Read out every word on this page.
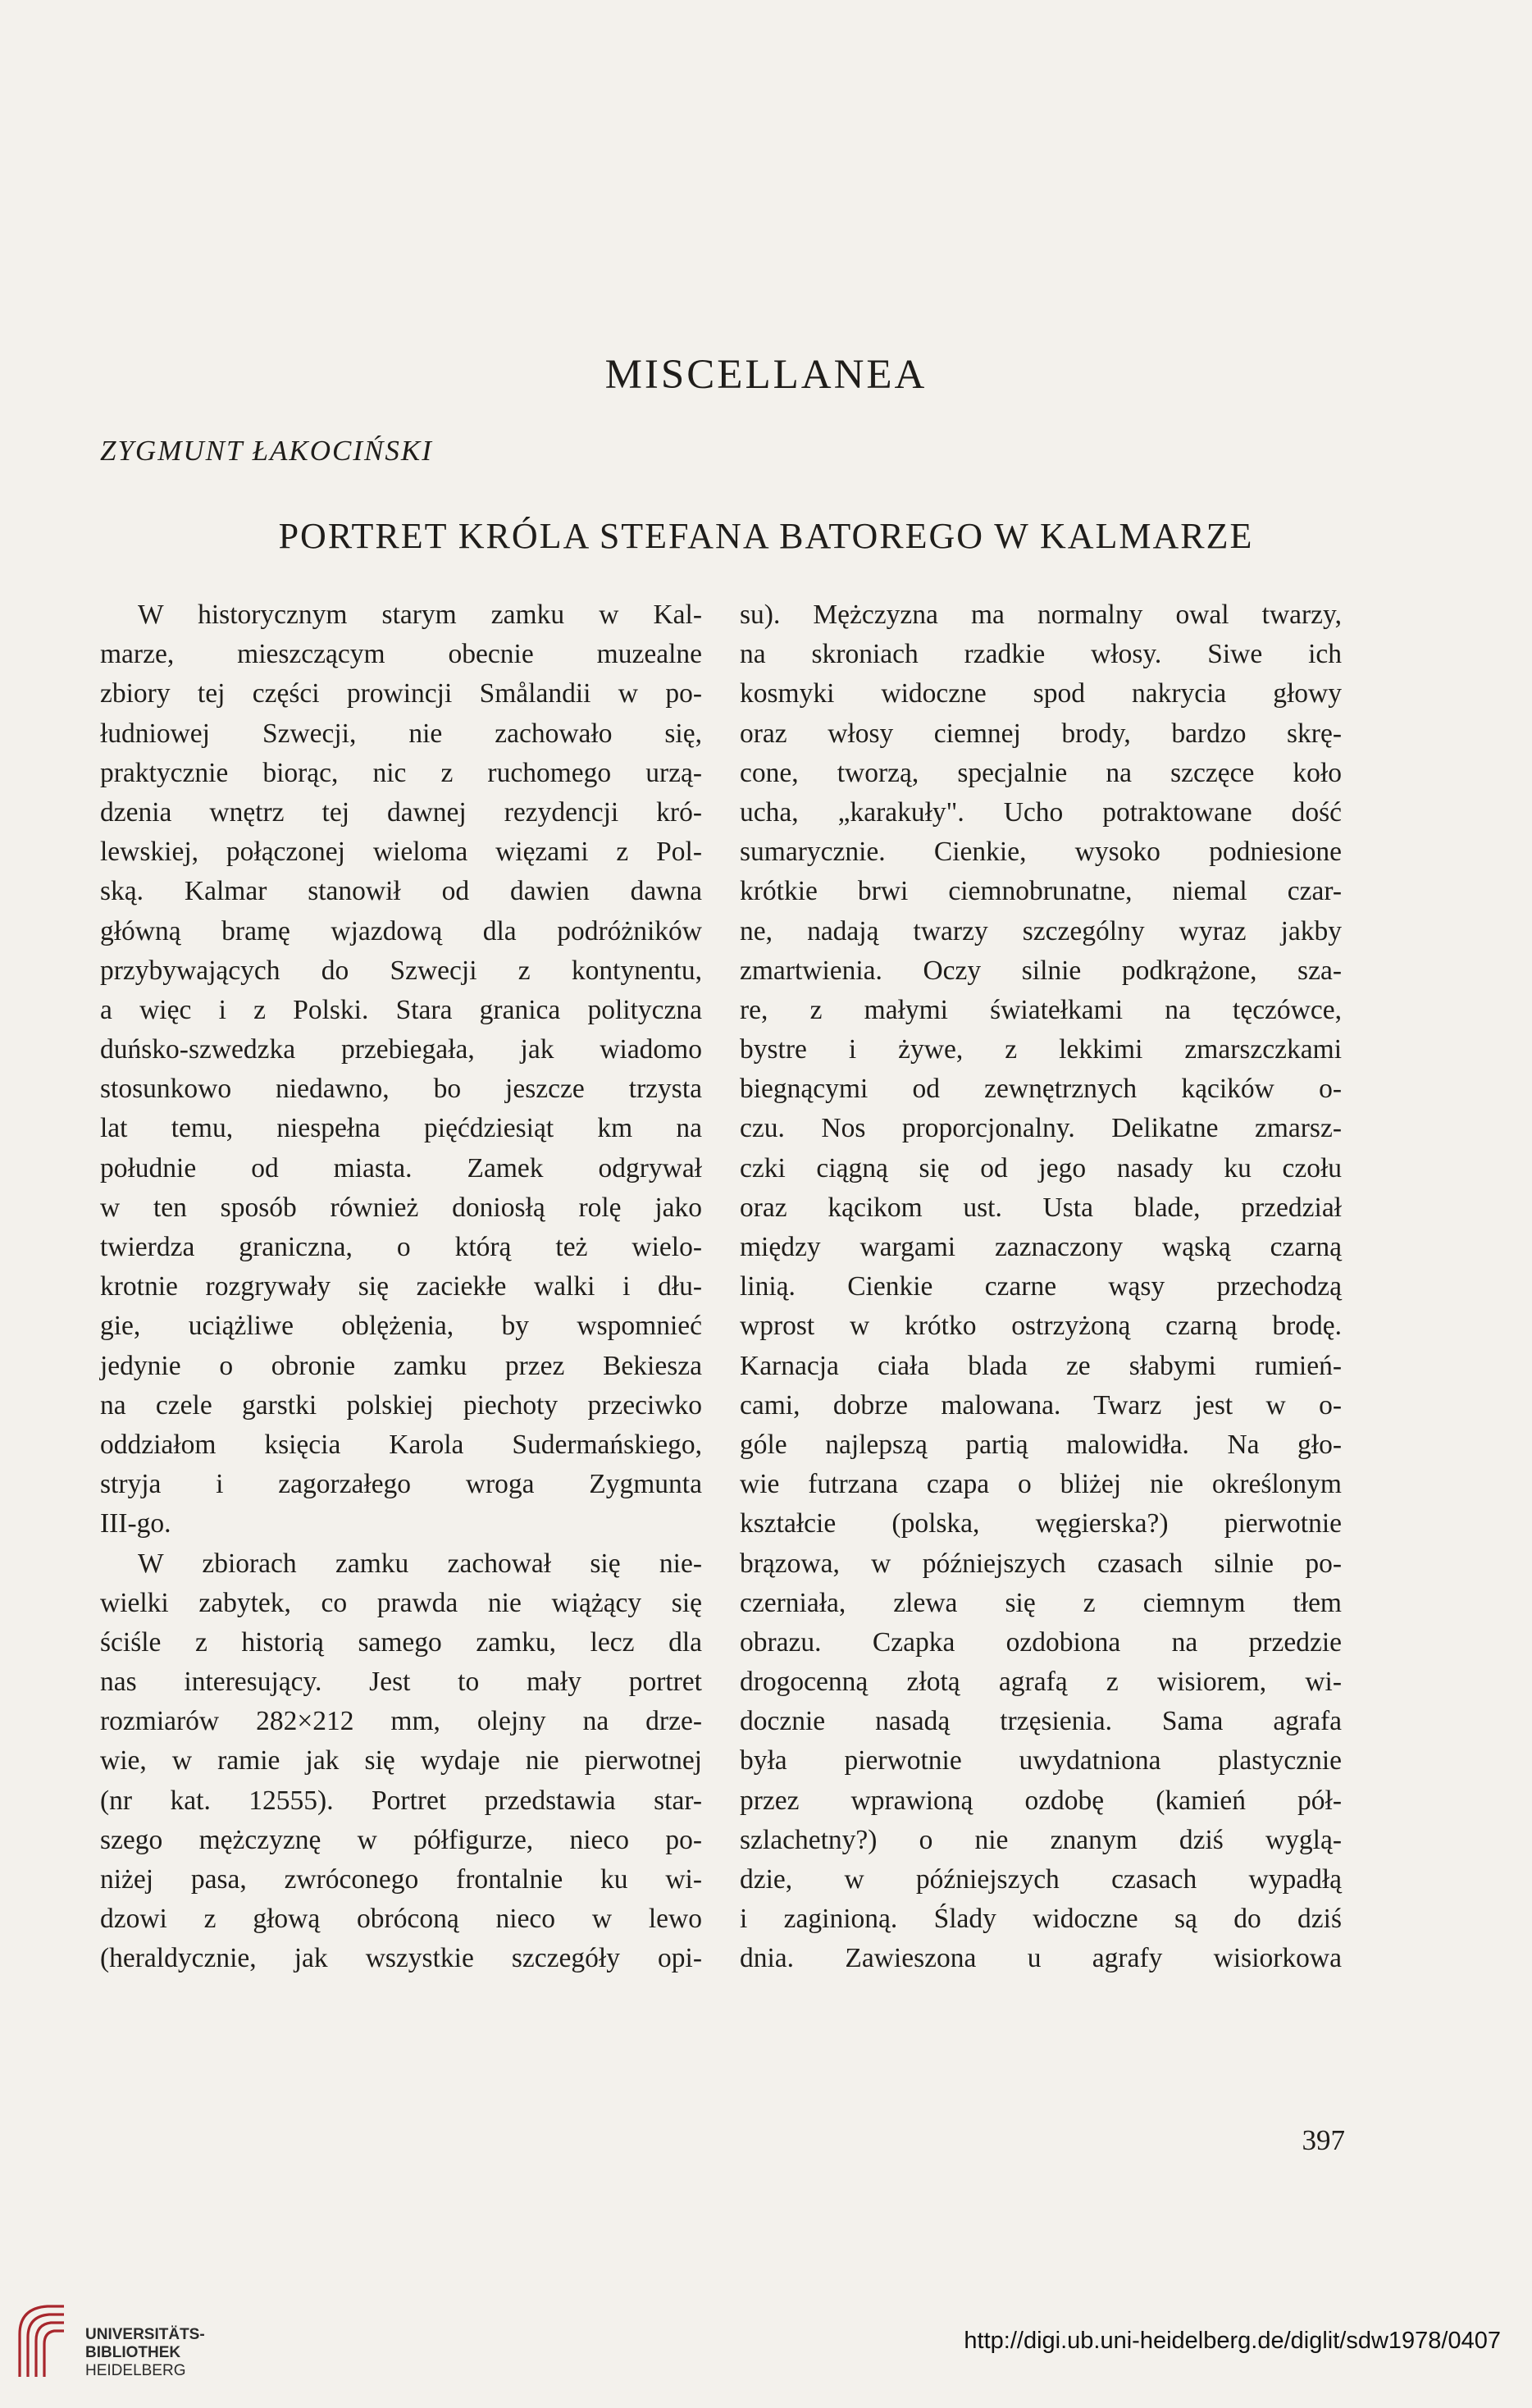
MISCELLANEA
ZYGMUNT ŁAKOCIŃSKI
PORTRET KRÓLA STEFANA BATOREGO W KALMARZE
W historycznym starym zamku w Kal-
marze, mieszczącym obecnie muzealne
zbiory tej części prowincji Smålandii w po-
łudniowej Szwecji, nie zachowało się,
praktycznie biorąc, nic z ruchomego urzą-
dzenia wnętrz tej dawnej rezydencji kró-
lewskiej, połączonej wieloma więzami z Pol-
ską. Kalmar stanowił od dawien dawna
główną bramę wjazdową dla podróżników
przybywających do Szwecji z kontynentu,
a więc i z Polski. Stara granica polityczna
duńsko-szwedzka przebiegała, jak wiadomo
stosunkowo niedawno, bo jeszcze trzysta
lat temu, niespełna pięćdziesiąt km na
południe od miasta. Zamek odgrywał
w ten sposób również doniosłą rolę jako
twierdza graniczna, o którą też wielo-
krotnie rozgrywały się zaciekłe walki i dłu-
gie, uciążliwe oblężenia, by wspomnieć
jedynie o obronie zamku przez Bekiesza
na czele garstki polskiej piechoty przeciwko
oddziałom księcia Karola Sudermańskiego,
stryja i zagorzałego wroga Zygmunta
III-go.
W zbiorach zamku zachował się nie-
wielki zabytek, co prawda nie wiążący się
ściśle z historią samego zamku, lecz dla
nas interesujący. Jest to mały portret
rozmiarów 282×212 mm, olejny na drze-
wie, w ramie jak się wydaje nie pierwotnej
(nr kat. 12555). Portret przedstawia star-
szego mężczyznę w półfigurze, nieco po-
niżej pasa, zwróconego frontalnie ku wi-
dzowi z głową obróconą nieco w lewo
(heraldycznie, jak wszystkie szczegóły opi-
su). Mężczyzna ma normalny owal twarzy,
na skroniach rzadkie włosy. Siwe ich
kosmyki widoczne spod nakrycia głowy
oraz włosy ciemnej brody, bardzo skrę-
cone, tworzą, specjalnie na szczęce koło
ucha, „karakuły". Ucho potraktowane dość
sumarycznie. Cienkie, wysoko podniesione
krótkie brwi ciemnobrunatne, niemal czar-
ne, nadają twarzy szczególny wyraz jakby
zmartwienia. Oczy silnie podkrążone, sza-
re, z małymi światełkami na tęczówce,
bystre i żywe, z lekkimi zmarszczkami
biegnącymi od zewnętrznych kącików o-
czu. Nos proporcjonalny. Delikatne zmarsz-
czki ciągną się od jego nasady ku czołu
oraz kącikom ust. Usta blade, przedział
między wargami zaznaczony wąską czarną
linią. Cienkie czarne wąsy przechodzą
wprost w krótko ostrzyżoną czarną brodę.
Karnacja ciała blada ze słabymi rumień-
cami, dobrze malowana. Twarz jest w o-
góle najlepszą partią malowidła. Na gło-
wie futrzana czapa o bliżej nie określonym
kształcie (polska, węgierska?) pierwotnie
brązowa, w późniejszych czasach silnie po-
czerniała, zlewa się z ciemnym tłem
obrazu. Czapka ozdobiona na przedzie
drogocenną złotą agrafą z wisiorem, wi-
docznie nasadą trzęsienia. Sama agrafa
była pierwotnie uwydatniona plastycznie
przez wprawioną ozdobę (kamień pół-
szlachetny?) o nie znanym dziś wyglą-
dzie, w późniejszych czasach wypadłą
i zaginioną. Ślady widoczne są do dziś
dnia. Zawieszona u agrafy wisiorkowa
397
UNIVERSITÄTS-
BIBLIOTHEK
HEIDELBERG
http://digi.ub.uni-heidelberg.de/diglit/sdw1978/0407
